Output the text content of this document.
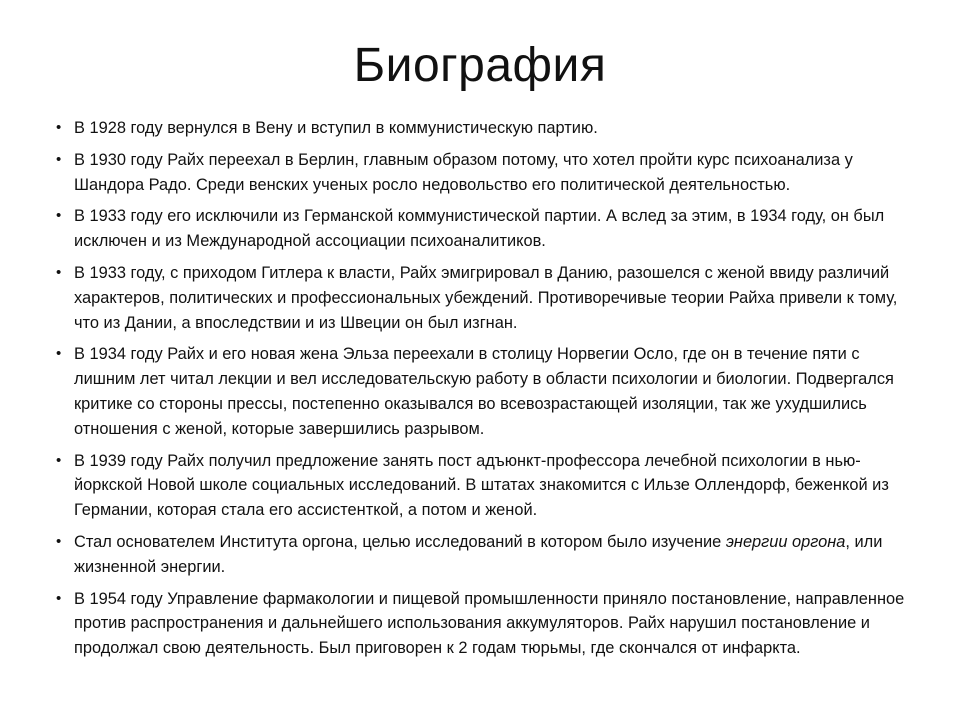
Биография
• В 1928 году вернулся в Вену и вступил в коммунистическую партию.
• В 1930 году Райх переехал в Берлин, главным образом потому, что хотел пройти курс психоанализа у Шандора Радо. Среди венских ученых росло недовольство его политической деятельностью.
• В 1933 году его исключили из Германской коммунистической партии. А вслед за этим, в 1934 году, он был исключен и из Международной ассоциации психоаналитиков.
• В 1933 году, с приходом Гитлера к власти, Райх эмигрировал в Данию, разошелся с женой ввиду различий характеров, политических и профессиональных убеждений. Противоречивые теории Райха привели к тому, что из Дании, а впоследствии и из Швеции он был изгнан.
• В 1934 году Райх и его новая жена Эльза переехали в столицу Норвегии Осло, где он в течение пяти с лишним лет читал лекции и вел исследовательскую работу в области психологии и биологии. Подвергался критике со стороны прессы, постепенно оказывался во всевозрастающей изоляции, так же ухудшились отношения с женой, которые завершились разрывом.
• В 1939 году Райх получил предложение занять пост адъюнкт-профессора лечебной психологии в нью-йоркской Новой школе социальных исследований. В штатах знакомится с Ильзе Оллендорф, беженкой из Германии, которая стала его ассистенткой, а потом и женой.
• Стал основателем Института оргона, целью исследований в котором было изучение энергии оргона, или жизненной энергии.
• В 1954 году Управление фармакологии и пищевой промышленности приняло постановление, направленное против распространения и дальнейшего использования аккумуляторов. Райх нарушил постановление и продолжал свою деятельность. Был приговорен к 2 годам тюрьмы, где скончался от инфаркта.
